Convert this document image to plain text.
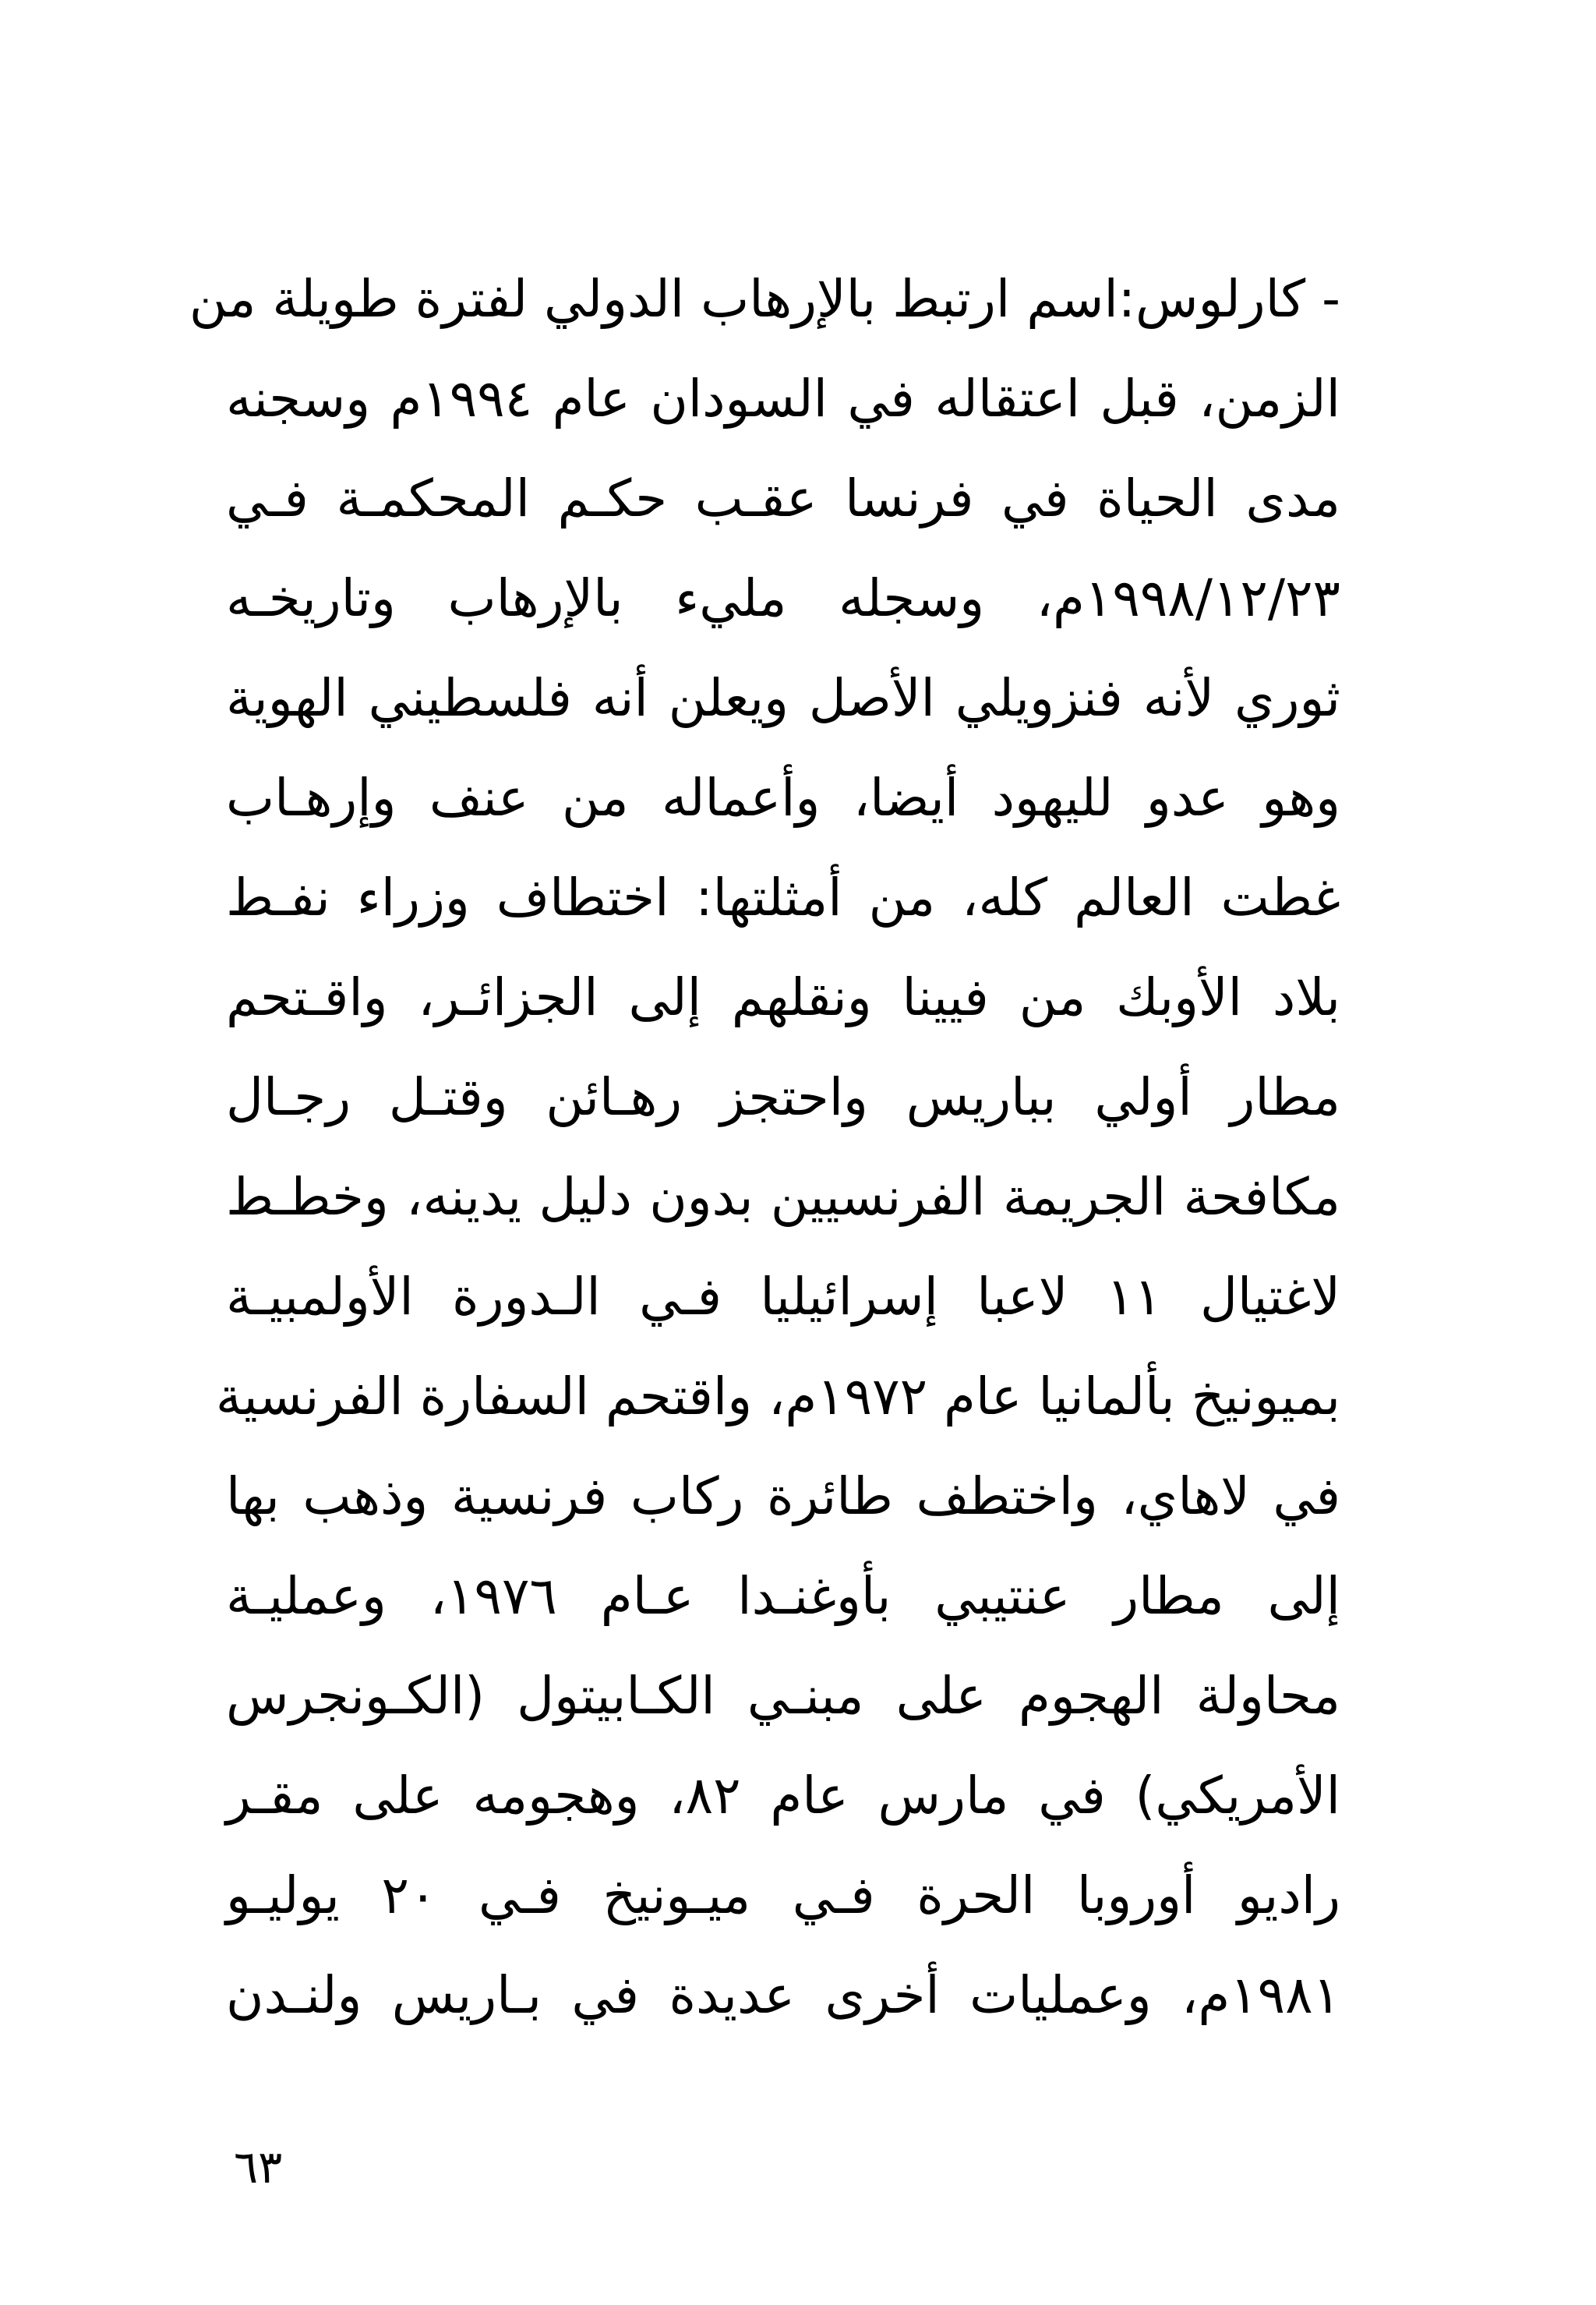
- كارلوس:اسم ارتبط بالإرهاب الدولي لفترة طويلة من
الزمن، قبل اعتقاله في السودان عام ١٩٩٤م وسجنه
مدى الحياة في فرنسا عقـب حكـم المحكمـة فـي
١٩٩٨/١٢/٢٣م، وسجله مليء بالإرهاب وتاريخـه
ثوري لأنه فنزويلي الأصل ويعلن أنه فلسطيني الهوية
وهو عدو لليهود أيضا، وأعماله من عنف وإرهـاب
غطت العالم كله، من أمثلتها: اختطاف وزراء نفـط
بلاد الأوبك من فيينا ونقلهم إلى الجزائـر، واقـتحم
مطار أولي بباريس واحتجز رهـائن وقتـل رجـال
مكافحة الجريمة الفرنسيين بدون دليل يدينه، وخطـط
لاغتيال ١١ لاعبا إسرائيليا فـي الـدورة الأولمبيـة
بميونيخ بألمانيا عام ١٩٧٢م، واقتحم السفارة الفرنسية
في لاهاي، واختطف طائرة ركاب فرنسية وذهب بها
إلى مطار عنتيبي بأوغنـدا عـام ١٩٧٦، وعمليـة
محاولة الهجوم على مبنـي الكـابيتول (الكـونجرس
الأمريكي) في مارس عام ٨٢، وهجومه على مقـر
راديو أوروبا الحرة فـي ميـونيخ فـي ٢٠ يوليـو
١٩٨١م، وعمليات أخرى عديدة في بـاريس ولنـدن
٦٣
